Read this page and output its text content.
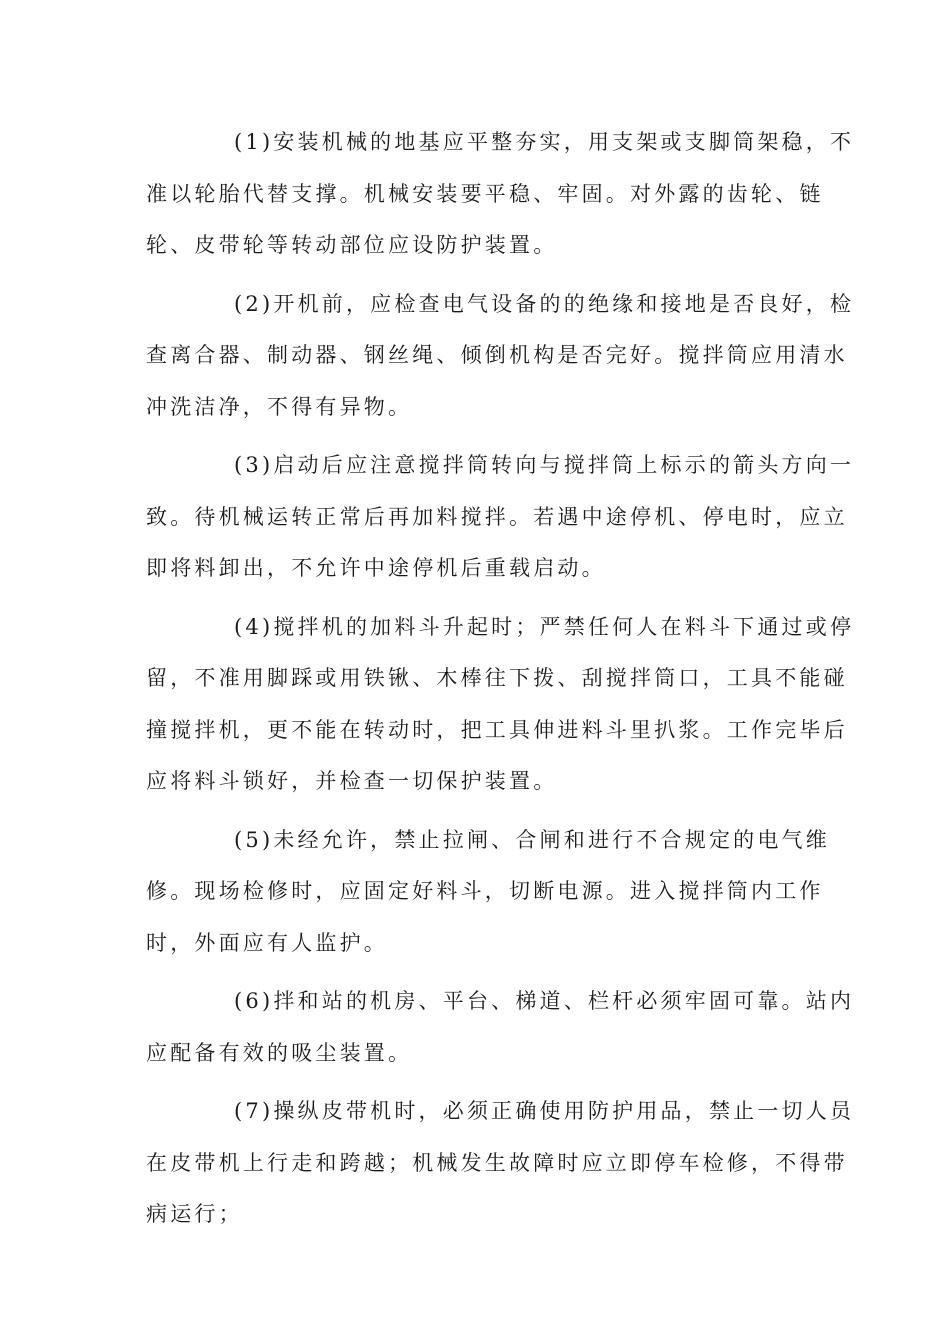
(1)安装机械的地基应平整夯实，用支架或支脚筒架稳，不
准以轮胎代替支撑。机械安装要平稳、牢固。对外露的齿轮、链
轮、皮带轮等转动部位应设防护装置。
(2)开机前，应检查电气设备的的绝缘和接地是否良好，检
查离合器、制动器、钢丝绳、倾倒机构是否完好。搅拌筒应用清水
冲洗洁净，不得有异物。
(3)启动后应注意搅拌筒转向与搅拌筒上标示的箭头方向一
致。待机械运转正常后再加料搅拌。若遇中途停机、停电时，应立
即将料卸出，不允许中途停机后重载启动。
(4)搅拌机的加料斗升起时；严禁任何人在料斗下通过或停
留，不准用脚踩或用铁锹、木棒往下拨、刮搅拌筒口，工具不能碰
撞搅拌机，更不能在转动时，把工具伸进料斗里扒浆。工作完毕后
应将料斗锁好，并检查一切保护装置。
(5)未经允许，禁止拉闸、合闸和进行不合规定的电气维
修。现场检修时，应固定好料斗，切断电源。进入搅拌筒内工作
时，外面应有人监护。
(6)拌和站的机房、平台、梯道、栏杆必须牢固可靠。站内
应配备有效的吸尘装置。
(7)操纵皮带机时，必须正确使用防护用品，禁止一切人员
在皮带机上行走和跨越；机械发生故障时应立即停车检修，不得带
病运行；
